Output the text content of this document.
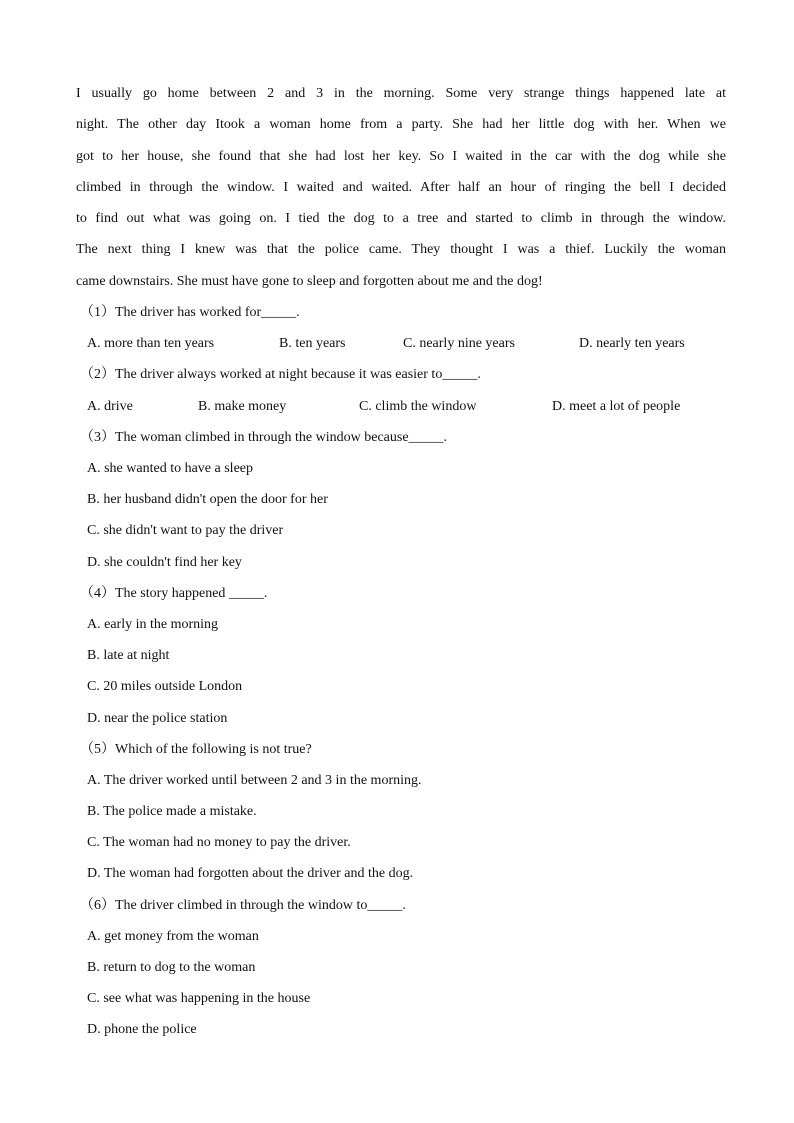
I usually go home between 2 and 3 in the morning. Some very strange things happened late at
night. The other day Itook a woman home from a party. She had her little dog with her. When we
got to her house, she found that she had lost her key. So I waited in the car with the dog while she
climbed in through the window. I waited and waited. After half an hour of ringing the bell I decided
to find out what was going on. I tied the dog to a tree and started to climb in through the window.
The next thing I knew was that the police came. They thought I was a thief. Luckily the woman
came downstairs. She must have gone to sleep and forgotten about me and the dog!
（1）The driver has worked for_____.
A. more than ten years	B. ten years	C. nearly nine years	D. nearly ten years
（2）The driver always worked at night because it was easier to_____.
A. drive	B. make money	C. climb the window	D. meet a lot of people
（3）The woman climbed in through the window because_____.
A. she wanted to have a sleep
B. her husband didn't open the door for her
C. she didn't want to pay the driver
D. she couldn't find her key
（4）The story happened _____.
A. early in the morning
B. late at night
C. 20 miles outside London
D. near the police station
（5）Which of the following is not true?
A. The driver worked until between 2 and 3 in the morning.
B. The police made a mistake.
C. The woman had no money to pay the driver.
D. The woman had forgotten about the driver and the dog.
（6）The driver climbed in through the window to_____.
A. get money from the woman
B. return to dog to the woman
C. see what was happening in the house
D. phone the police
